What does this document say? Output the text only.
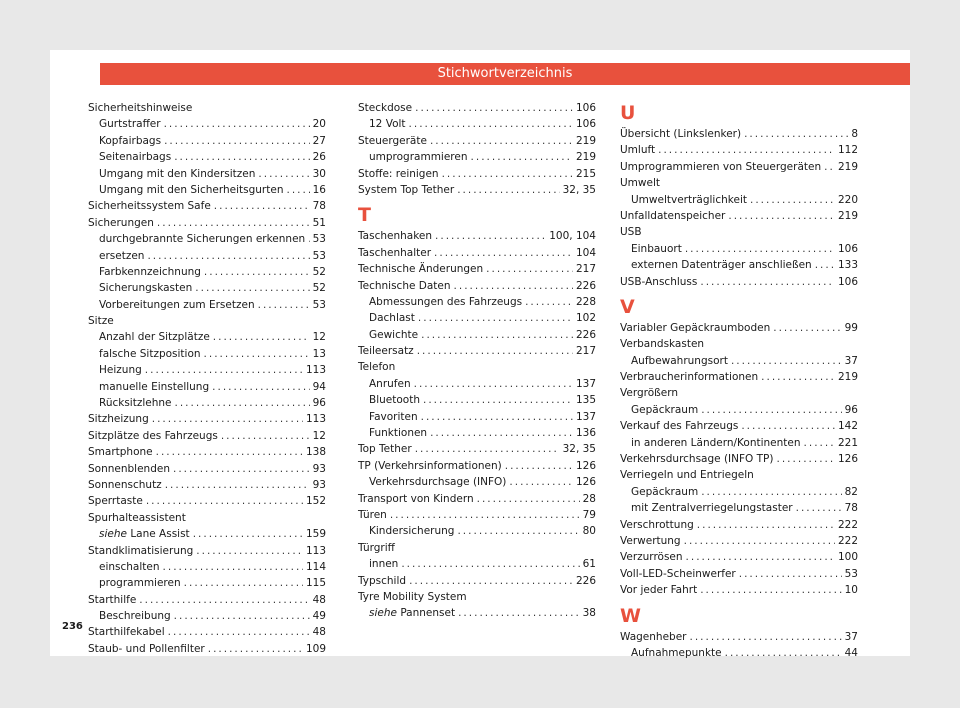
Stichwortverzeichnis
Sicherheitshinweise
Gurtstraffer .....	20
Kopfairbags .....	27
Seitenairbags .....	26
Umgang mit den Kindersitzen .....	30
Umgang mit den Sicherheitsgurten .....	16
Sicherheitssystem Safe .....	78
Sicherungen .....	51
durchgebrannte Sicherungen erkennen ..... 53
ersetzen .....	53
Farbkennzeichnung .....	52
Sicherungskasten .....	52
Vorbereitungen zum Ersetzen .....	53
Sitze
Anzahl der Sitzplätze .....	12
falsche Sitzposition .....	13
Heizung .....	113
manuelle Einstellung .....	94
Rücksitzlehne .....	96
Sitzheizung .....	113
Sitzplätze des Fahrzeugs .....	12
Smartphone .....	138
Sonnenblenden .....	93
Sonnenschutz .....	93
Sperrtaste .....	152
Spurhalteassistent
siehe Lane Assist .....	159
Standklimatisierung .....	113
einschalten .....	114
programmieren .....	115
Starthilfe .....	48
Beschreibung .....	49
Starthilfekabel .....	48
Staub- und Pollenfilter .....	109
Steckdose .....	106
12 Volt .....	106
Steuergeräte .....	219
umprogrammieren .....	219
Stoffe: reinigen .....	215
System Top Tether .....	32, 35
T
Taschenhaken .....	100, 104
Taschenhalter .....	104
Technische Änderungen .....	217
Technische Daten .....	226
Abmessungen des Fahrzeugs .....	228
Dachlast .....	102
Gewichte .....	226
Teileersatz .....	217
Telefon
Anrufen .....	137
Bluetooth .....	135
Favoriten .....	137
Funktionen .....	136
Top Tether .....	32, 35
TP (Verkehrsinformationen) .....	126
Verkehrsdurchsage (INFO) .....	126
Transport von Kindern .....	28
Türen .....	79
Kindersicherung .....	80
Türgriff
innen .....	61
Typschild .....	226
Tyre Mobility System
siehe Pannenset .....	38
U
Übersicht (Linkslenker) .....	8
Umluft .....	112
Umprogrammieren von Steuergeräten ..... 219
Umwelt
Umweltverträglichkeit .....	220
Unfalldatenspeicher .....	219
USB
Einbauort .....	106
externen Datenträger anschließen ..... 133
USB-Anschluss .....	106
V
Variabler Gepäckraumboden .....	99
Verbandskasten
Aufbewahrungsort .....	37
Verbraucherinformationen .....	219
Vergrößern
Gepäckraum .....	96
Verkauf des Fahrzeugs .....	142
in anderen Ländern/Kontinenten .....	221
Verkehrsdurchsage (INFO TP) .....	126
Verriegeln und Entriegeln
Gepäckraum .....	82
mit Zentralverriegelungstaster .....	78
Verschrottung .....	222
Verwertung .....	222
Verzurrösen .....	100
Voll-LED-Scheinwerfer .....	53
Vor jeder Fahrt .....	10
W
Wagenheber .....	37
Aufnahmepunkte .....	44
236
